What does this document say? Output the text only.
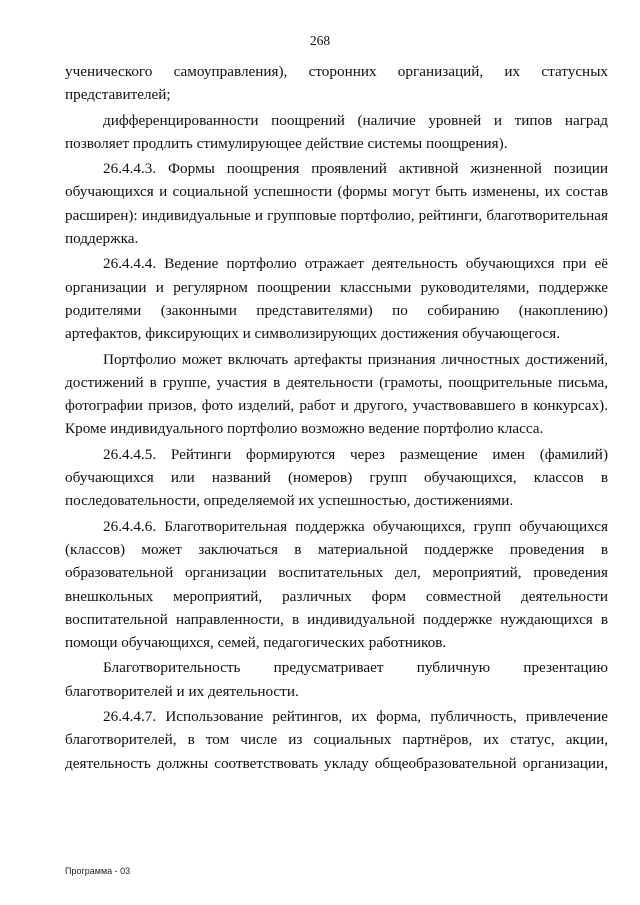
268

ученического самоуправления), сторонних организаций, их статусных представителей;

дифференцированности поощрений (наличие уровней и типов наград позволяет продлить стимулирующее действие системы поощрения).

26.4.4.3. Формы поощрения проявлений активной жизненной позиции обучающихся и социальной успешности (формы могут быть изменены, их состав расширен): индивидуальные и групповые портфолио, рейтинги, благотворительная поддержка.

26.4.4.4. Ведение портфолио отражает деятельность обучающихся при её организации и регулярном поощрении классными руководителями, поддержке родителями (законными представителями) по собиранию (накоплению) артефактов, фиксирующих и символизирующих достижения обучающегося.

Портфолио может включать артефакты признания личностных достижений, достижений в группе, участия в деятельности (грамоты, поощрительные письма, фотографии призов, фото изделий, работ и другого, участвовавшего в конкурсах). Кроме индивидуального портфолио возможно ведение портфолио класса.

26.4.4.5. Рейтинги формируются через размещение имен (фамилий) обучающихся или названий (номеров) групп обучающихся, классов в последовательности, определяемой их успешностью, достижениями.

26.4.4.6. Благотворительная поддержка обучающихся, групп обучающихся (классов) может заключаться в материальной поддержке проведения в образовательной организации воспитательных дел, мероприятий, проведения внешкольных мероприятий, различных форм совместной деятельности воспитательной направленности, в индивидуальной поддержке нуждающихся в помощи обучающихся, семей, педагогических работников.

Благотворительность предусматривает публичную презентацию благотворителей и их деятельности.

26.4.4.7. Использование рейтингов, их форма, публичность, привлечение благотворителей, в том числе из социальных партнёров, их статус, акции, деятельность должны соответствовать укладу общеобразовательной организации,

Программа - 03
